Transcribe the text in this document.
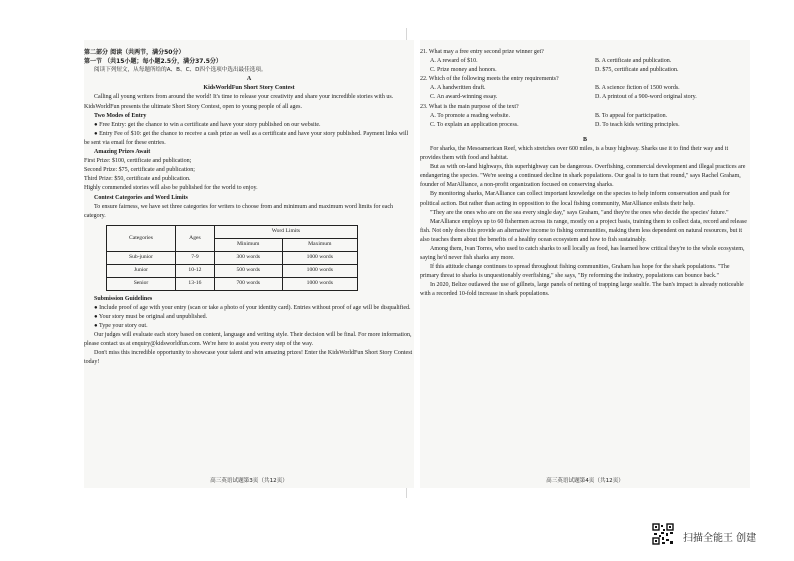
第二部分 阅读（共两节，满分50分）

第一节 （共15小题；每小题2.5分，满分37.5分）

阅读下列短文，从每题所给的A、B、C、D四个选项中选出最佳选项。

A

KidsWorldFun Short Story Contest

Calling all young writers from around the world! It's time to release your creativity and share your incredible stories with us. KidsWorldFun presents the ultimate Short Story Contest, open to young people of all ages.

Two Modes of Entry

● Free Entry: get the chance to win a certificate and have your story published on our website.

● Entry Fee of $10: get the chance to receive a cash prize as well as a certificate and have your story published. Payment links will be sent via email for these entries.

Amazing Prizes Await

First Prize: $100, certificate and publication;

Second Prize: $75, certificate and publication;

Third Prize: $50, certificate and publication.

Highly commended stories will also be published for the world to enjoy.

Contest Categories and Word Limits

To ensure fairness, we have set three categories for writers to choose from and minimum and maximum word limits for each category.

Categories	Ages	Word Limits	
		Minimum	Maximum
Sub-junior	7-9	300 words	1000 words
Junior	10-12	500 words	1000 words
Senior	13-16	700 words	1000 words

Submission Guidelines

● Include proof of age with your entry (scan or take a photo of your identity card). Entries without proof of age will be disqualified.

● Your story must be original and unpublished.

● Type your story out.

Our judges will evaluate each story based on content, language and writing style. Their decision will be final. For more information, please contact us at enquiry@kidsworldfun.com. We're here to assist you every step of the way.

Don't miss this incredible opportunity to showcase your talent and win amazing prizes! Enter the KidsWorldFun Short Story Contest today!

高三英语试题第3页（共12页）

21. What may a free entry second prize winner get?

A. A reward of $10.	B. A certificate and publication.
C. Prize money and honors.	D. $75, certificate and publication.

22. Which of the following meets the entry requirements?

A. A handwritten draft.	B. A science fiction of 1500 words.
C. An award-winning essay.	D. A printout of a 900-word original story.

23. What is the main purpose of the text?

A. To promote a reading website.	B. To appeal for participation.
C. To explain an application process.	D. To teach kids writing principles.

B

For sharks, the Mesoamerican Reef, which stretches over 600 miles, is a busy highway. Sharks use it to find their way and it provides them with food and habitat.

But as with on-land highways, this superhighway can be dangerous. Overfishing, commercial development and illegal practices are endangering the species. "We're seeing a continued decline in shark populations. Our goal is to turn that round," says Rachel Graham, founder of MarAlliance, a non-profit organization focused on conserving sharks.

By monitoring sharks, MarAlliance can collect important knowledge on the species to help inform conservation and push for political action. But rather than acting in opposition to the local fishing community, MarAlliance enlists their help.

"They are the ones who are on the sea every single day," says Graham, "and they're the ones who decide the species' future."

MarAlliance employs up to 60 fishermen across its range, mostly on a project basis, training them to collect data, record and release fish. Not only does this provide an alternative income to fishing communities, making them less dependent on natural resources, but it also teaches them about the benefits of a healthy ocean ecosystem and how to fish sustainably.

Among them, Ivan Torres, who used to catch sharks to sell locally as food, has learned how critical they're to the whole ecosystem, saying he'd never fish sharks any more.

If this attitude change continues to spread throughout fishing communities, Graham has hope for the shark populations. "The primary threat to sharks is unquestionably overfishing," she says, "By reforming the industry, populations can bounce back."

In 2020, Belize outlawed the use of gillnets, large panels of netting of trapping large sealife. The ban's impact is already noticeable with a recorded 10-fold increase in shark populations.

高三英语试题第4页（共12页）
扫描全能王 创建
